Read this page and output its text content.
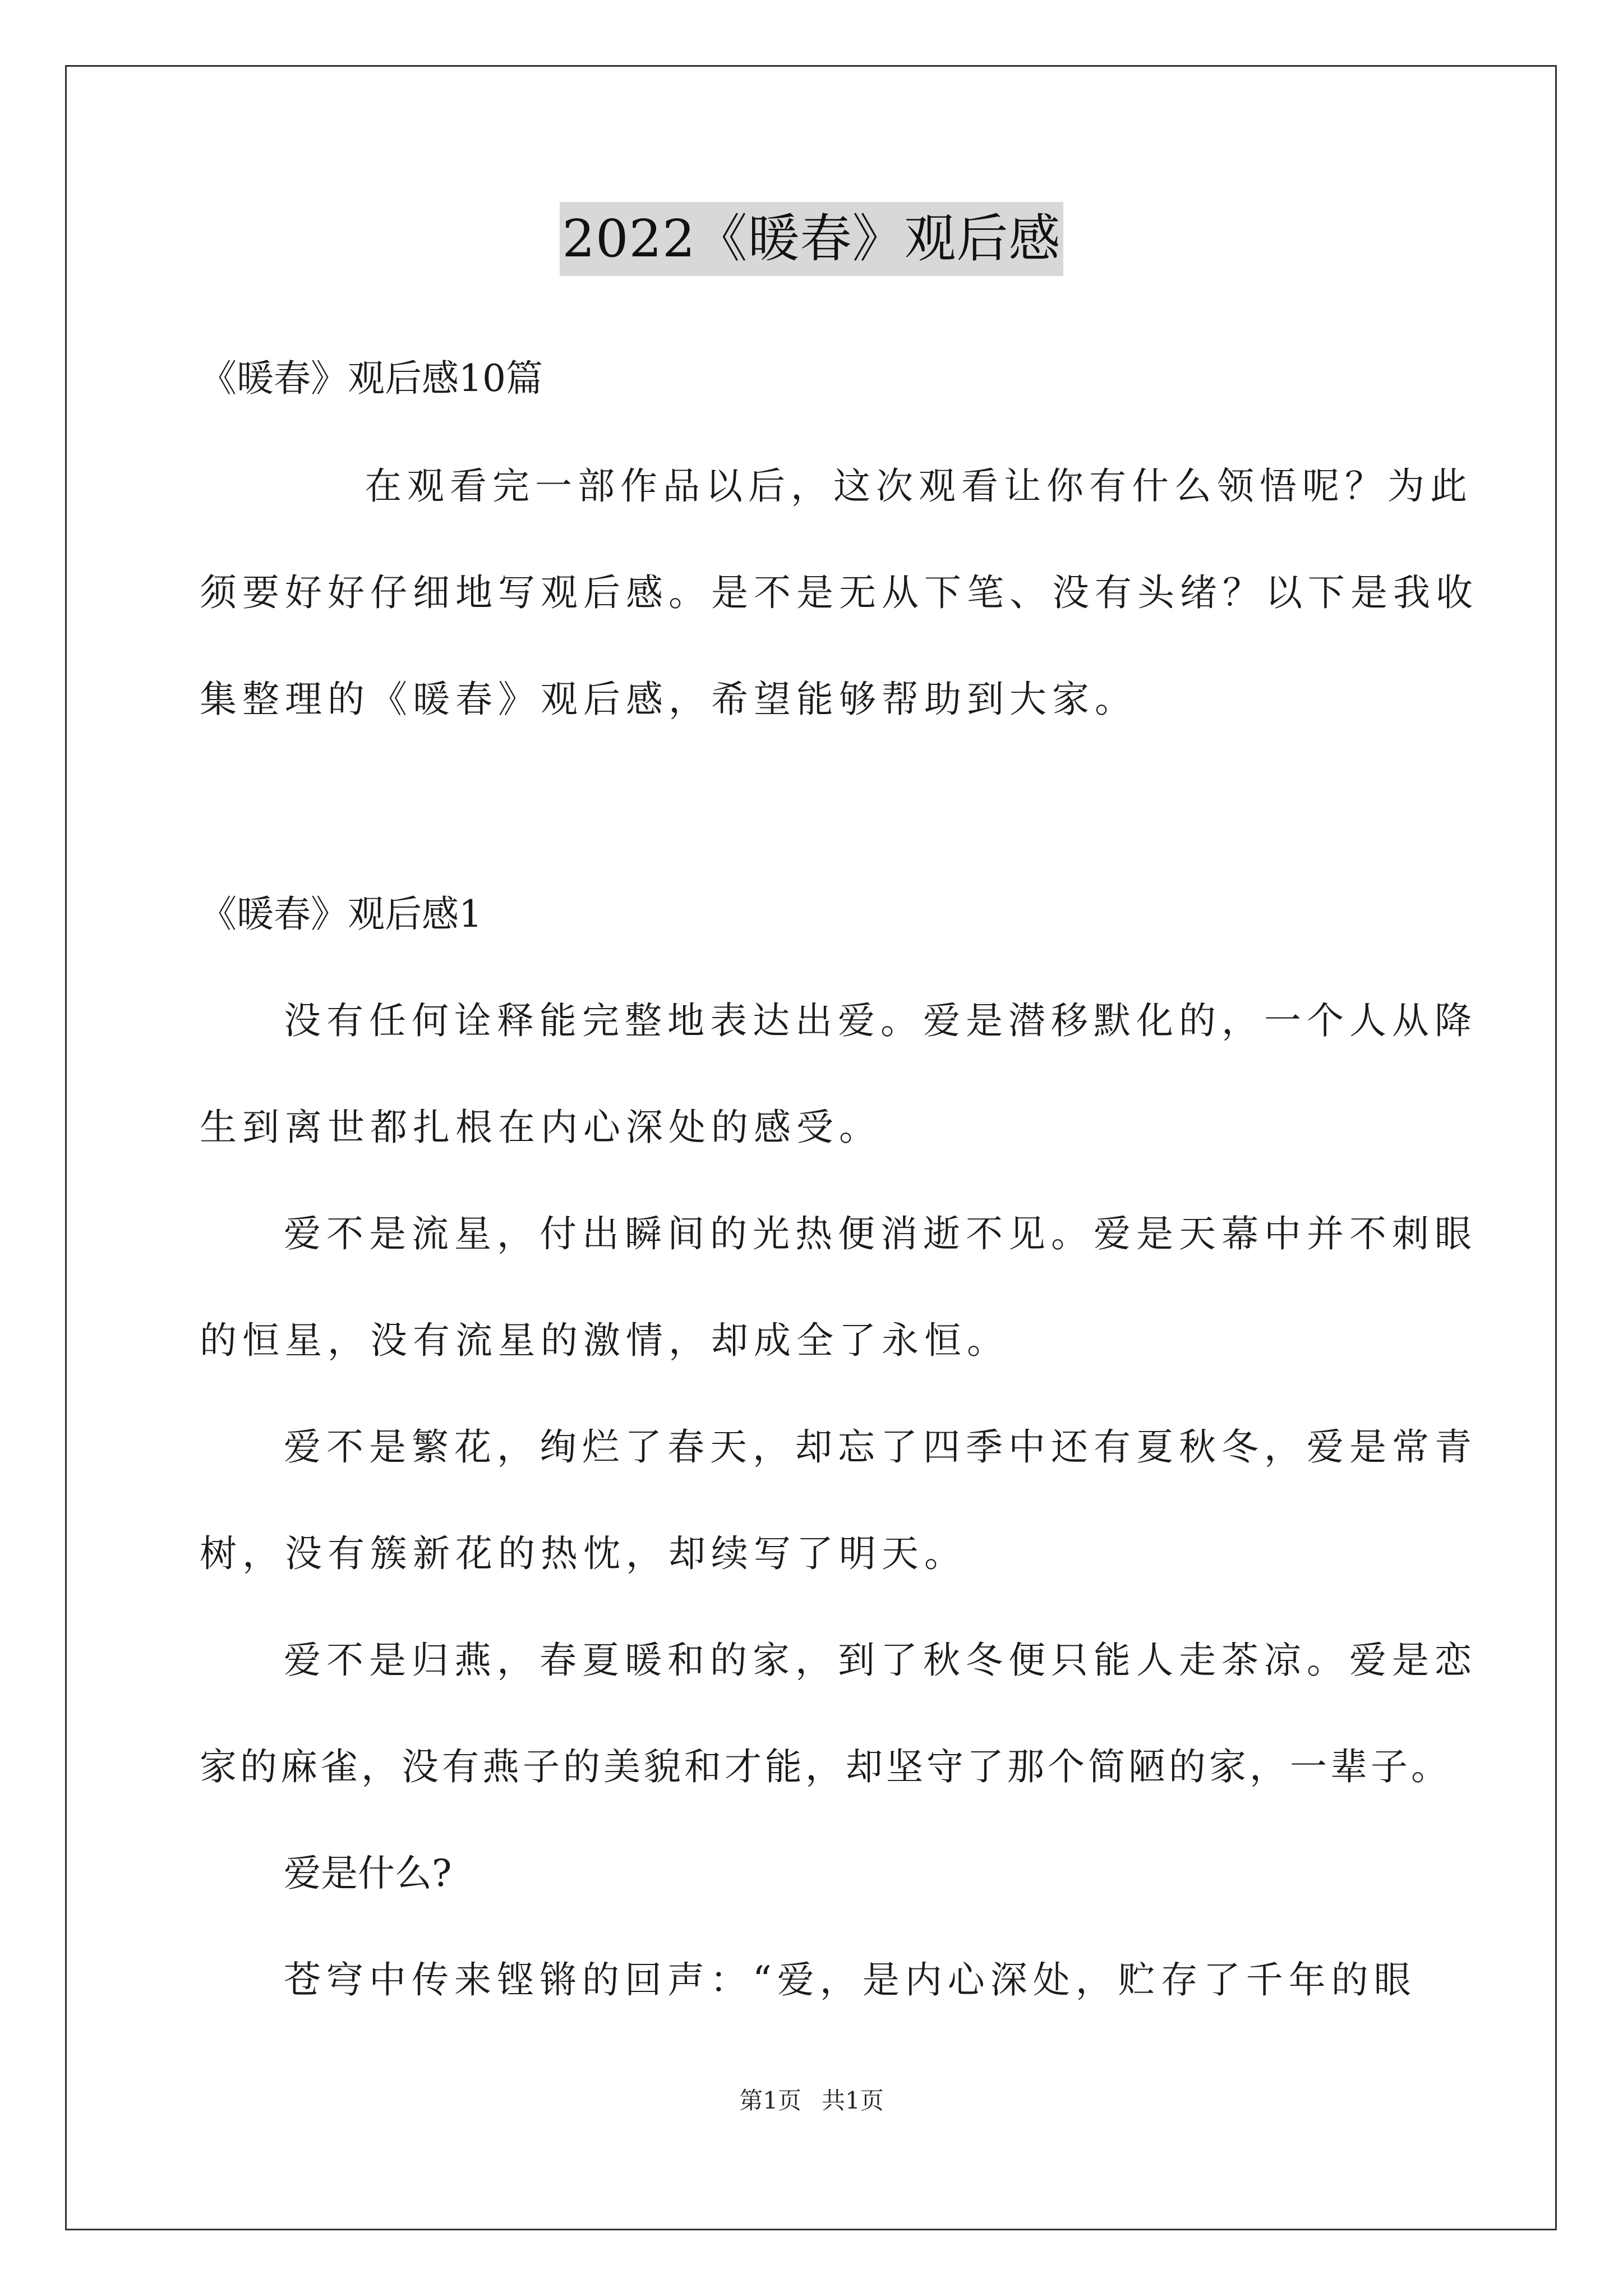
2022《暖春》观后感
《暖春》观后感10篇
在观看完一部作品以后，这次观看让你有什么领悟呢？为此
须要好好仔细地写观后感。是不是无从下笔、没有头绪？以下是我收
集整理的《暖春》观后感，希望能够帮助到大家。
《暖春》观后感1
没有任何诠释能完整地表达出爱。爱是潜移默化的，一个人从降
生到离世都扎根在内心深处的感受。
爱不是流星，付出瞬间的光热便消逝不见。爱是天幕中并不刺眼
的恒星，没有流星的激情，却成全了永恒。
爱不是繁花，绚烂了春天，却忘了四季中还有夏秋冬，爱是常青
树，没有簇新花的热忱，却续写了明天。
爱不是归燕，春夏暖和的家，到了秋冬便只能人走茶凉。爱是恋
家的麻雀，没有燕子的美貌和才能，却坚守了那个简陋的家，一辈子。
爱是什么?
苍穹中传来铿锵的回声：“爱，是内心深处，贮存了千年的眼
第1页 共1页
